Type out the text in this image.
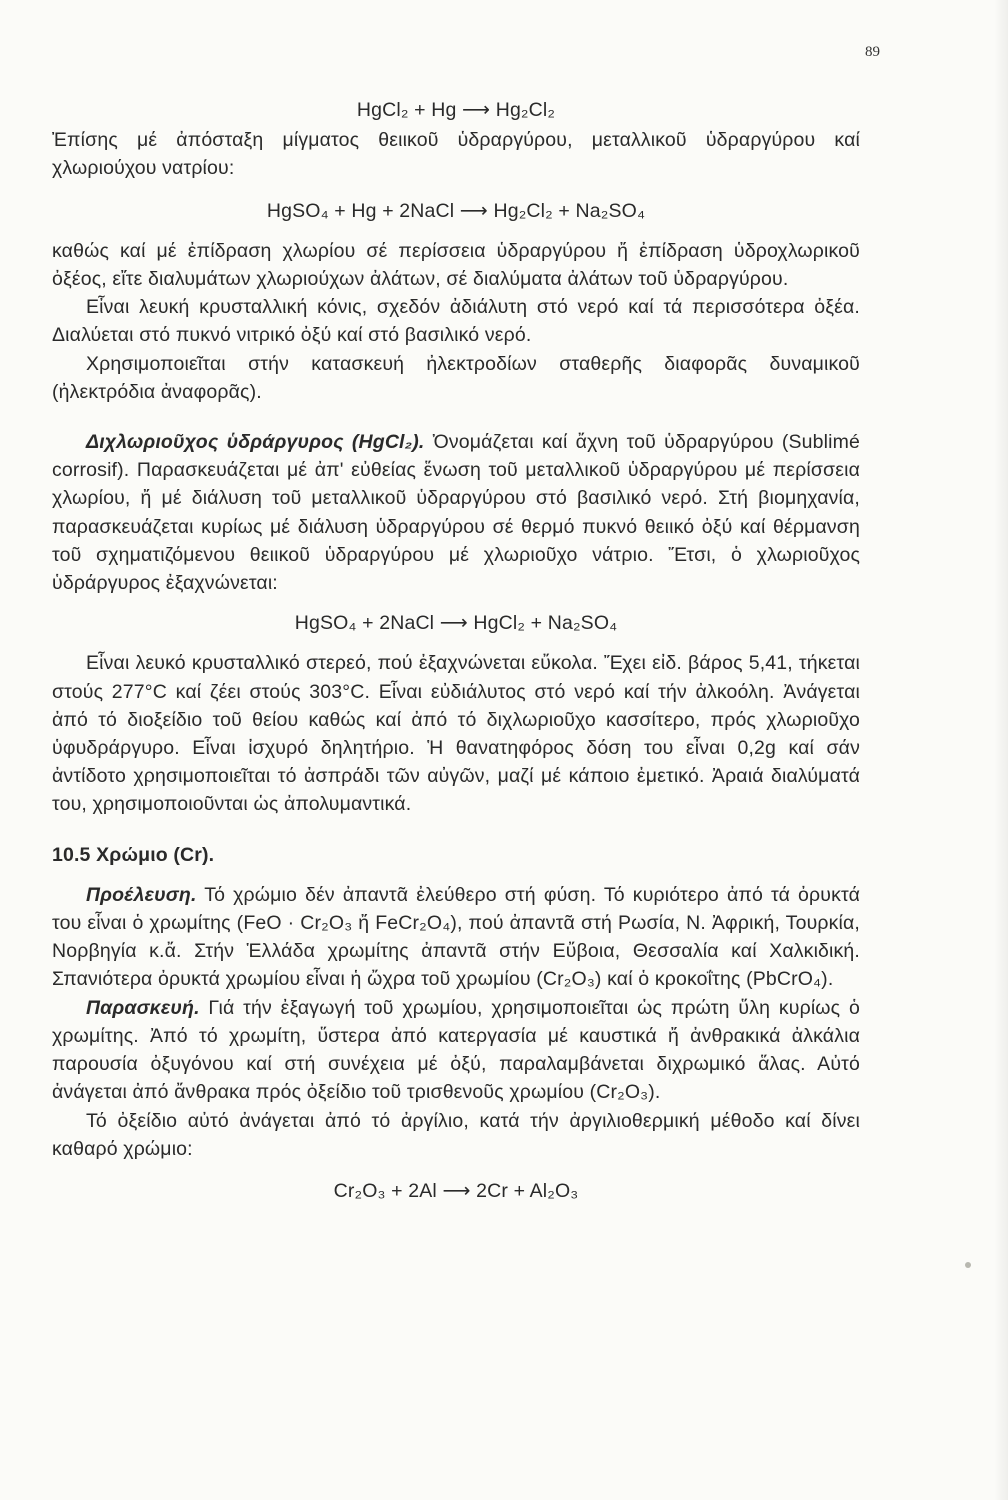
89

HgCl₂ + Hg ⟶ Hg₂Cl₂

Ἐπίσης μέ ἀπόσταξη μίγματος θειικοῦ ὑδραργύρου, μεταλλικοῦ ὑδραργύρου καί χλωριούχου νατρίου:

HgSO₄ + Hg + 2NaCl ⟶ Hg₂Cl₂ + Na₂SO₄

καθώς καί μέ ἐπίδραση χλωρίου σέ περίσσεια ὑδραργύρου ἤ ἐπίδραση ὑδροχλωρικοῦ ὀξέος, εἴτε διαλυμάτων χλωριούχων ἀλάτων, σέ διαλύματα ἀλάτων τοῦ ὑδραργύρου.

Εἶναι λευκή κρυσταλλική κόνις, σχεδόν ἀδιάλυτη στό νερό καί τά περισσότερα ὀξέα. Διαλύεται στό πυκνό νιτρικό ὀξύ καί στό βασιλικό νερό.

Χρησιμοποιεῖται στήν κατασκευή ἠλεκτροδίων σταθερῆς διαφορᾶς δυναμικοῦ (ἠλεκτρόδια ἀναφορᾶς).

Διχλωριοῦχος ὑδράργυρος (HgCl₂). Ὀνομάζεται καί ἄχνη τοῦ ὑδραργύρου (Sublimé corrosif). Παρασκευάζεται μέ ἀπ' εὐθείας ἕνωση τοῦ μεταλλικοῦ ὑδραργύρου μέ περίσσεια χλωρίου, ἤ μέ διάλυση τοῦ μεταλλικοῦ ὑδραργύρου στό βασιλικό νερό. Στή βιομηχανία, παρασκευάζεται κυρίως μέ διάλυση ὑδραργύρου σέ θερμό πυκνό θειικό ὀξύ καί θέρμανση τοῦ σχηματιζόμενου θειικοῦ ὑδραργύρου μέ χλωριοῦχο νάτριο. Ἔτσι, ὁ χλωριοῦχος ὑδράργυρος ἐξαχνώνεται:

HgSO₄ + 2NaCl ⟶ HgCl₂ + Na₂SO₄

Εἶναι λευκό κρυσταλλικό στερεό, πού ἐξαχνώνεται εὔκολα. Ἔχει εἰδ. βάρος 5,41, τήκεται στούς 277°C καί ζέει στούς 303°C. Εἶναι εὐδιάλυτος στό νερό καί τήν ἀλκοόλη. Ἀνάγεται ἀπό τό διοξείδιο τοῦ θείου καθώς καί ἀπό τό διχλωριοῦχο κασσίτερο, πρός χλωριοῦχο ὑφυδράργυρο. Εἶναι ἰσχυρό δηλητήριο. Ἡ θανατηφόρος δόση του εἶναι 0,2g καί σάν ἀντίδοτο χρησιμοποιεῖται τό ἀσπράδι τῶν αὐγῶν, μαζί μέ κάποιο ἐμετικό. Ἀραιά διαλύματά του, χρησιμοποιοῦνται ὡς ἀπολυμαντικά.

10.5 Χρώμιο (Cr).

Προέλευση. Τό χρώμιο δέν ἀπαντᾶ ἐλεύθερο στή φύση. Τό κυριότερο ἀπό τά ὀρυκτά του εἶναι ὁ χρωμίτης (FeO · Cr₂O₃ ἤ FeCr₂O₄), πού ἀπαντᾶ στή Ρωσία, Ν. Ἀφρική, Τουρκία, Νορβηγία κ.ἄ. Στήν Ἑλλάδα χρωμίτης ἀπαντᾶ στήν Εὔβοια, Θεσσαλία καί Χαλκιδική. Σπανιότερα ὀρυκτά χρωμίου εἶναι ἡ ὤχρα τοῦ χρωμίου (Cr₂O₃) καί ὁ κροκοΐτης (PbCrO₄).

Παρασκευή. Γιά τήν ἐξαγωγή τοῦ χρωμίου, χρησιμοποιεῖται ὡς πρώτη ὕλη κυρίως ὁ χρωμίτης. Ἀπό τό χρωμίτη, ὕστερα ἀπό κατεργασία μέ καυστικά ἤ ἀνθρακικά ἀλκάλια παρουσία ὀξυγόνου καί στή συνέχεια μέ ὀξύ, παραλαμβάνεται διχρωμικό ἅλας. Αὐτό ἀνάγεται ἀπό ἄνθρακα πρός ὀξείδιο τοῦ τρισθενοῦς χρωμίου (Cr₂O₃).

Τό ὀξείδιο αὐτό ἀνάγεται ἀπό τό ἀργίλιο, κατά τήν ἀργιλιοθερμική μέθοδο καί δίνει καθαρό χρώμιο:

Cr₂O₃ + 2Al ⟶ 2Cr + Al₂O₃
